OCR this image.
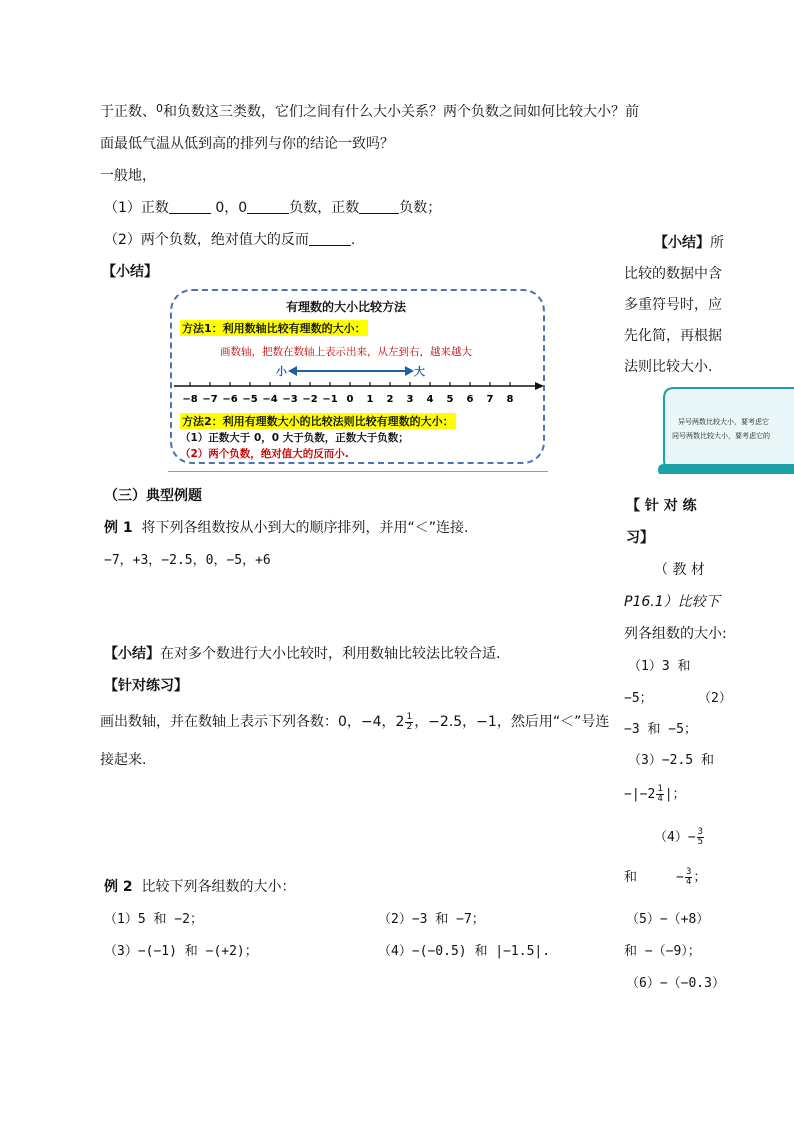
于正数、$^0$和负数这三类数，它们之间有什么大小关系？两个负数之间如何比较大小？前
面最低气温从低到高的排列与你的结论一致吗？
一般地，
（1）正数	0，0	负数，正数	负数；
（2）两个负数，绝对值大的反而	.
【小结】
有理数的大小比较方法
方法1：利用数轴比较有理数的大小：
画数轴，把数在数轴上表示出来，从左到右，越来越大
小	大
−8 −7 −6 −5 −4 −3 −2 −1 0 1 2 3 4 5 6 7 8
方法2：利用有理数大小的比较法则比较有理数的大小：
（1）正数大于 0，0 大于负数，正数大于负数；
（2）两个负数，绝对值大的反而小.
（三）典型例题
例 1 将下列各组数按从小到大的顺序排列，并用“＜”连接.
−7，+3，−2.5，0，−5，+6
【小结】在对多个数进行大小比较时，利用数轴比较法比较合适.
【针对练习】
画出数轴，并在数轴上表示下列各数：0，−4，$2 \frac{1}{2}$ ，−2.5，−1，然后用“＜”号连
接起来.
例 2 比较下列各组数的大小：
（1）5 和 −2；	（2）−3 和 −7；
（3）−(−1) 和 −(+2)；	（4）−(−0.5) 和 |−1.5|.
【小结】所
比较的数据中含
多重符号时，应
先化简，再根据
法则比较大小.
异号两数比较大小，要考虑它
同号两数比较大小，要考虑它的
【 针 对 练
习】
（ 教 材
P16.1）比较下
列各组数的大小:
（1）3 和
−5；	（2）
−3 和 −5；
（3）−2.5 和
$-|-2 \frac{1}{4}$ |；
$(4)- \frac{3}{5}$
和	− $\frac{3}{4}$ ；
（5）−（+8）
和 −（−9）；
（6）−（−0.3）
